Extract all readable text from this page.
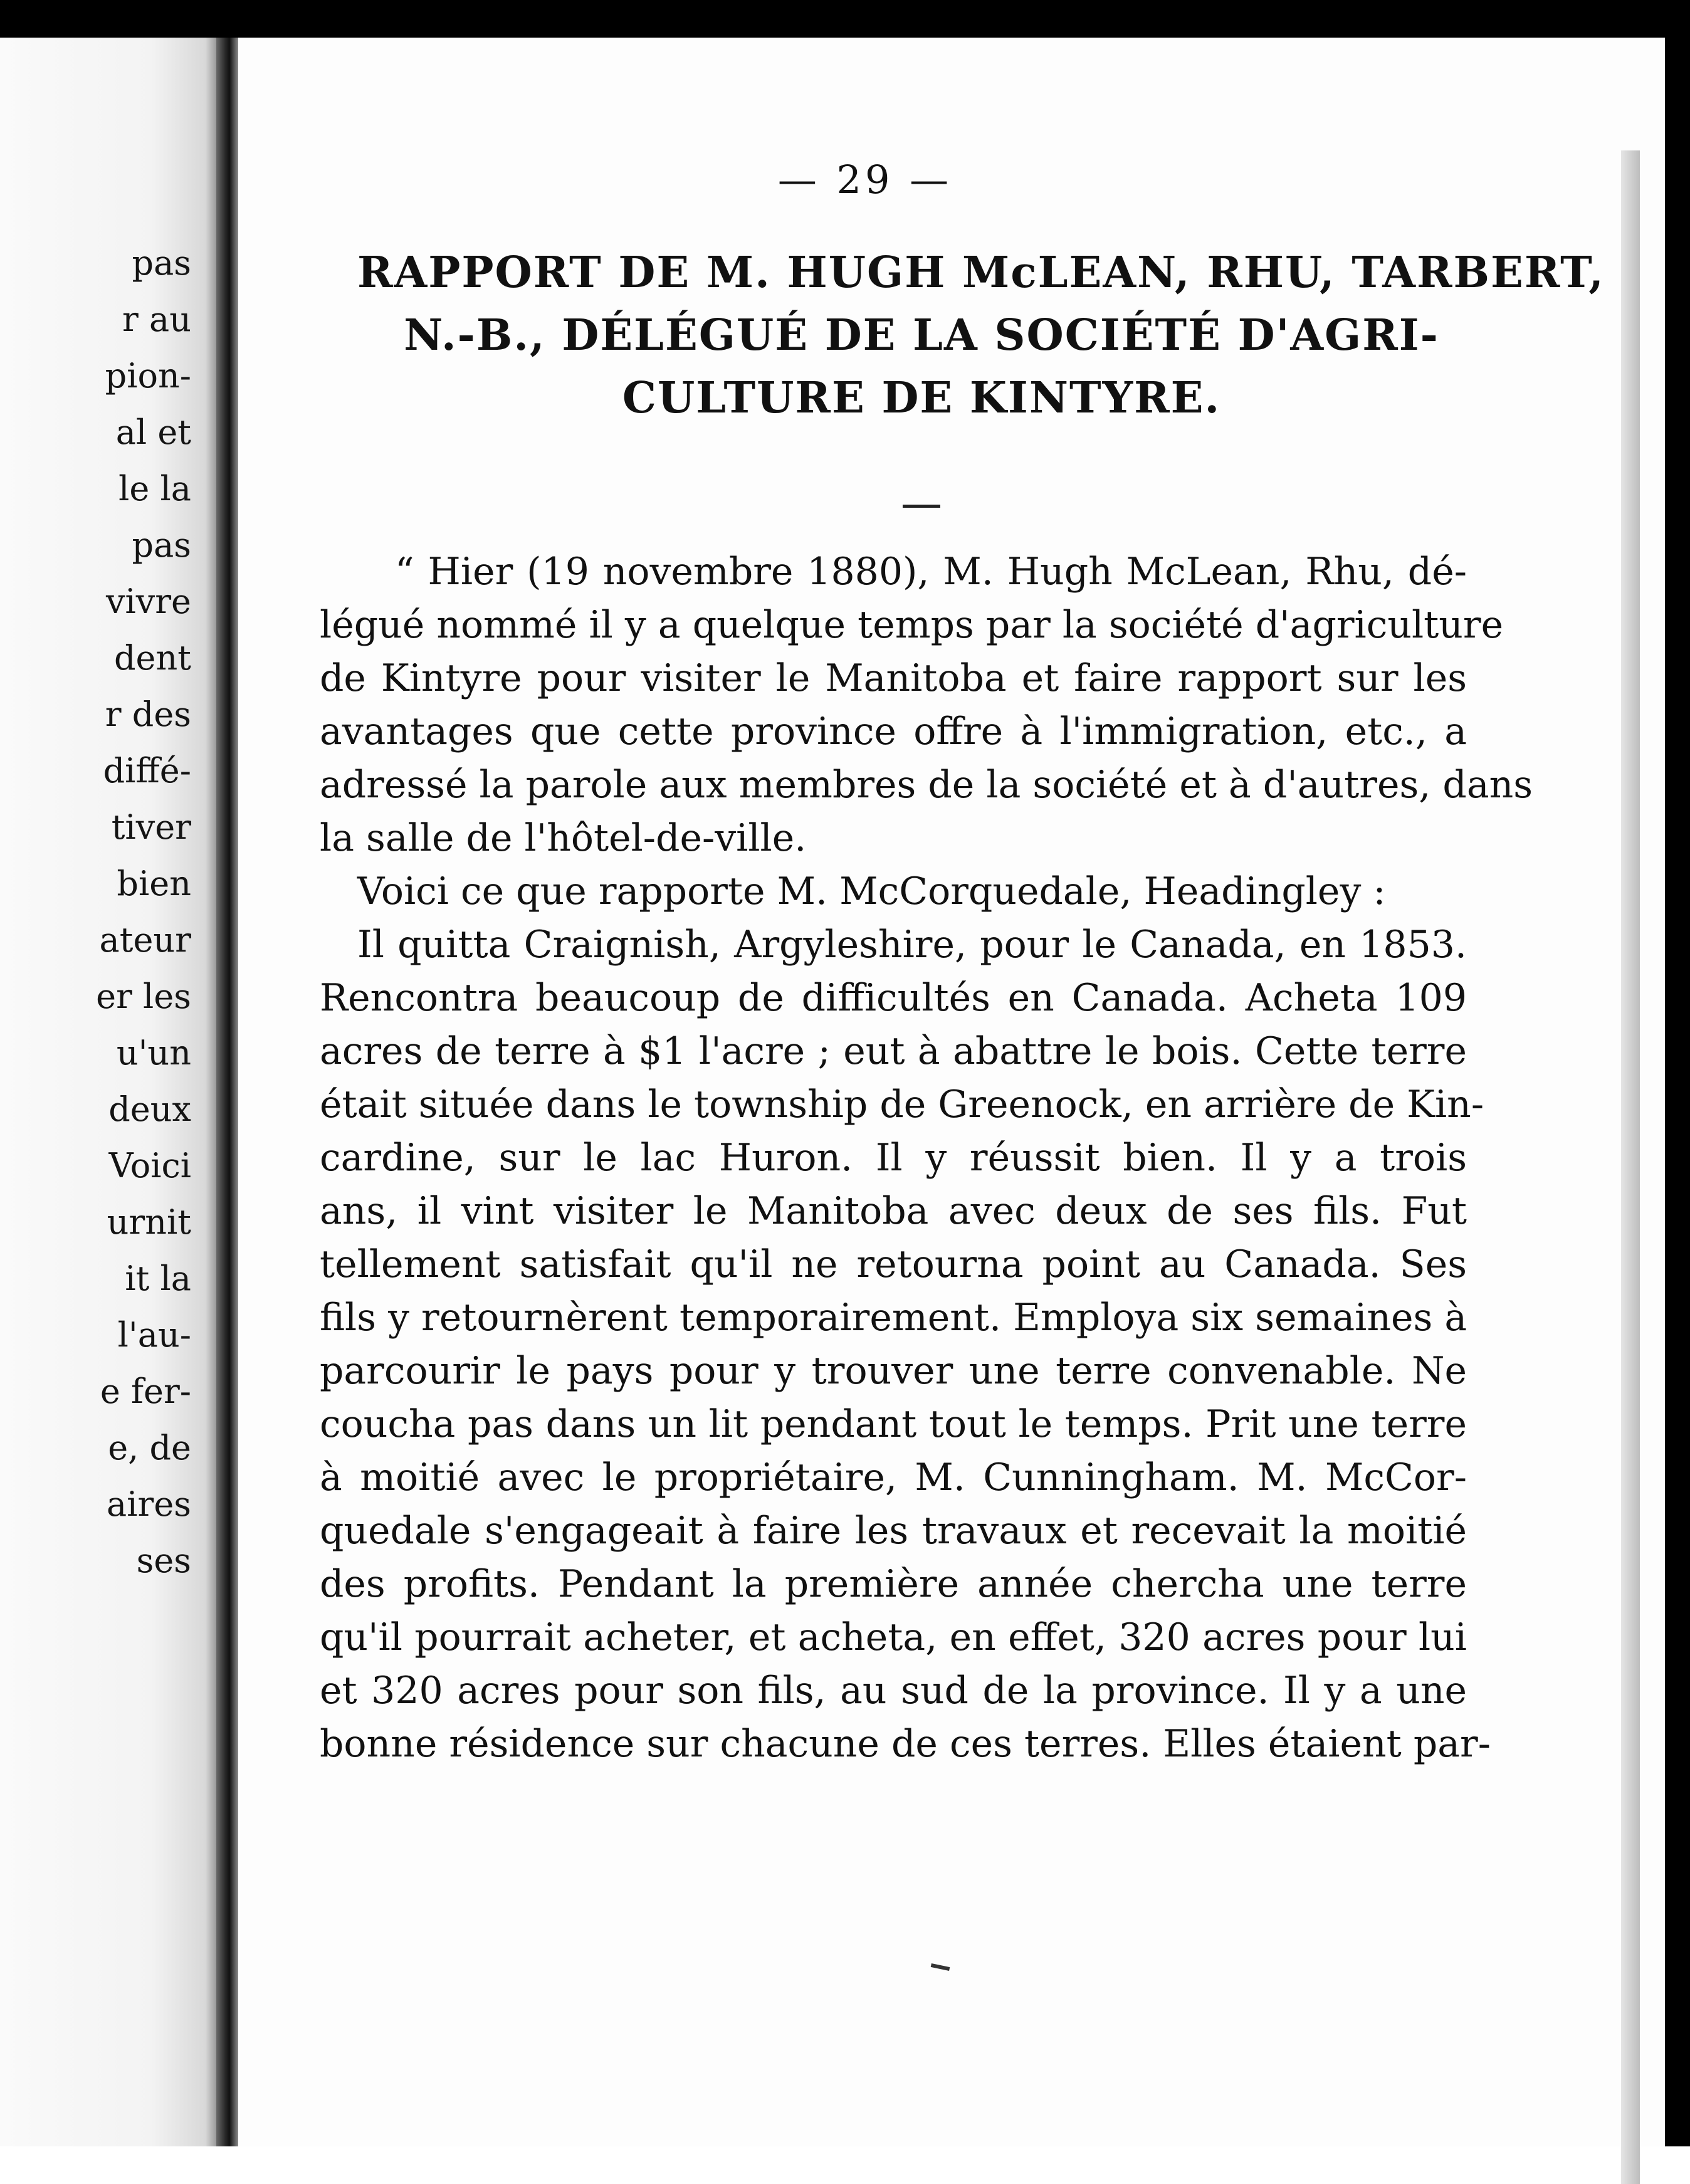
pas
r au
pion-
al et
le la
pas
vivre
dent
r des
diffé-
tiver
bien
ateur
er les
u'un
deux
Voici
urnit
it la
l'au-
e fer-
e, de
aires
ses
— 29 —
RAPPORT DE M. HUGH McLEAN, RHU, TARBERT,
N.-B., DÉLÉGUÉ DE LA SOCIÉTÉ D'AGRI-
CULTURE DE KINTYRE.
“ Hier (19 novembre 1880), M. Hugh McLean, Rhu, dé-
légué nommé il y a quelque temps par la société d'agriculture
de Kintyre pour visiter le Manitoba et faire rapport sur les
avantages que cette province offre à l'immigration, etc., a
adressé la parole aux membres de la société et à d'autres, dans
la salle de l'hôtel-de-ville.
Voici ce que rapporte M. McCorquedale, Headingley :
Il quitta Craignish, Argyleshire, pour le Canada, en 1853.
Rencontra beaucoup de difficultés en Canada. Acheta 109
acres de terre à $1 l'acre ; eut à abattre le bois. Cette terre
était située dans le township de Greenock, en arrière de Kin-
cardine, sur le lac Huron. Il y réussit bien. Il y a trois
ans, il vint visiter le Manitoba avec deux de ses fils. Fut
tellement satisfait qu'il ne retourna point au Canada. Ses
fils y retournèrent temporairement. Employa six semaines à
parcourir le pays pour y trouver une terre convenable. Ne
coucha pas dans un lit pendant tout le temps. Prit une terre
à moitié avec le propriétaire, M. Cunningham. M. McCor-
quedale s'engageait à faire les travaux et recevait la moitié
des profits. Pendant la première année chercha une terre
qu'il pourrait acheter, et acheta, en effet, 320 acres pour lui
et 320 acres pour son fils, au sud de la province. Il y a une
bonne résidence sur chacune de ces terres. Elles étaient par-
